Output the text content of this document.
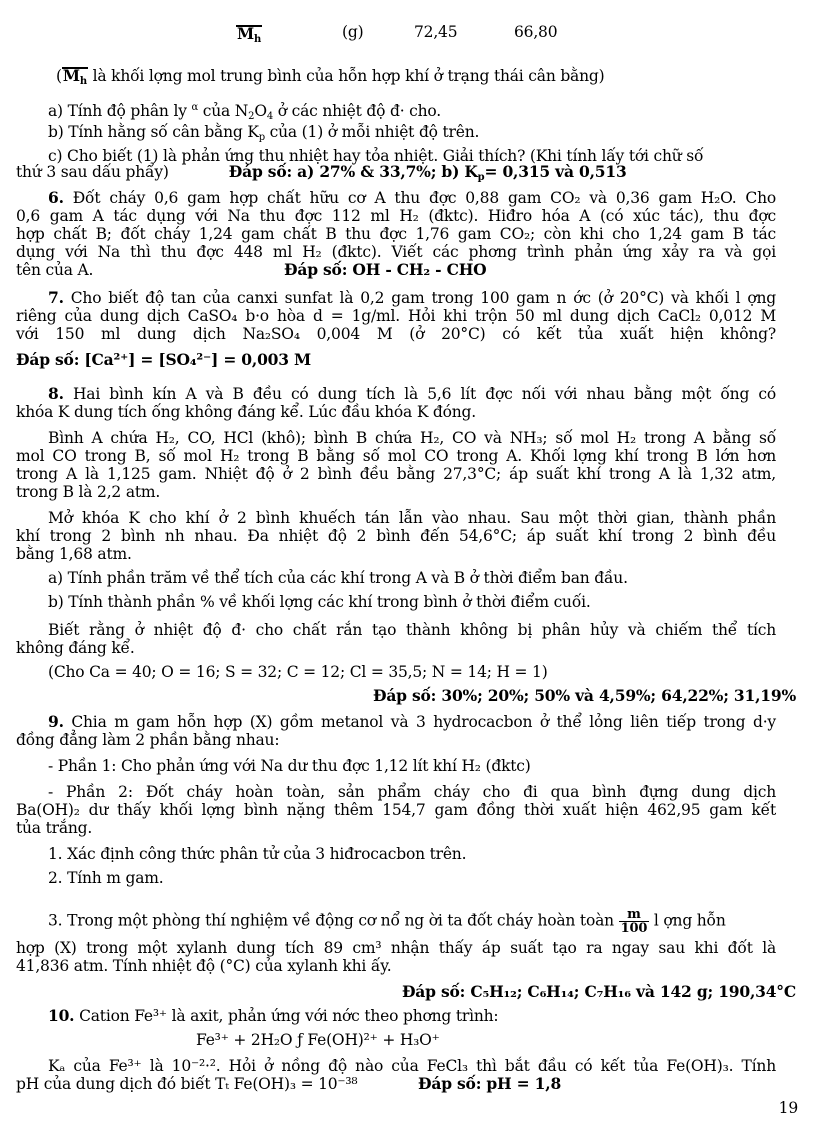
$M_h$	(g)	72,45	66,80
($M_h$ là khối lợng mol trung bình của hỗn hợp khí ở trạng thái cân bằng)
a) Tính độ phân ly $^\alpha$ của $N_2O_4$ ở các nhiệt độ đ· cho.
b) Tính hằng số cân bằng $K_p$ của (1) ở mỗi nhiệt độ trên.
c) Cho biết (1) là phản ứng thu nhiệt hay tỏa nhiệt. Giải thích? (Khi tính lấy tới chữ số
thứ 3 sau dấu phẩy)	Đáp số: a) 27% & 33,7%; b) $K_p= 0,315$ và 0,513
6. Đốt cháy 0,6 gam hợp chất hữu cơ A thu đợc 0,88 gam CO₂ và 0,36 gam H₂O. Cho
0,6 gam A tác dụng với Na thu đợc 112 ml H₂ (đktc). Hiđro hóa A (có xúc tác), thu đợc
hợp chất B; đốt cháy 1,24 gam chất B thu đợc 1,76 gam CO₂; còn khi cho 1,24 gam B tác
dụng với Na thì thu đợc 448 ml H₂ (đktc). Viết các phơng trình phản ứng xảy ra và gọi
tên của A.	Đáp số: OH - CH₂ - CHO
7. Cho biết độ tan của canxi sunfat là 0,2 gam trong 100 gam n ớc (ở 20°C) và khối l ợng
riêng của dung dịch CaSO₄ b·o hòa d = 1g/ml. Hỏi khi trộn 50 ml dung dịch CaCl₂ 0,012 M
với 150 ml dung dịch Na₂SO₄ 0,004 M (ở 20°C) có kết tủa xuất hiện không?
Đáp số: [Ca²⁺] = [SO₄²⁻] = 0,003 M
8. Hai bình kín A và B đều có dung tích là 5,6 lít đợc nối với nhau bằng một ống có
khóa K dung tích ống không đáng kể. Lúc đầu khóa K đóng.
Bình A chứa H₂, CO, HCl (khô); bình B chứa H₂, CO và NH₃; số mol H₂ trong A bằng số
mol CO trong B, số mol H₂ trong B bằng số mol CO trong A. Khối lợng khí trong B lớn hơn
trong A là 1,125 gam. Nhiệt độ ở 2 bình đều bằng 27,3°C; áp suất khí trong A là 1,32 atm,
trong B là 2,2 atm.
Mở khóa K cho khí ở 2 bình khuếch tán lẫn vào nhau. Sau một thời gian, thành phần
khí trong 2 bình nh nhau. Đa nhiệt độ 2 bình đến 54,6°C; áp suất khí trong 2 bình đều
bằng 1,68 atm.
a) Tính phần trăm về thể tích của các khí trong A và B ở thời điểm ban đầu.
b) Tính thành phần % về khối lợng các khí trong bình ở thời điểm cuối.
Biết rằng ở nhiệt độ đ· cho chất rắn tạo thành không bị phân hủy và chiếm thể tích
không đáng kể.
(Cho Ca = 40; O = 16; S = 32; C = 12; Cl = 35,5; N = 14; H = 1)
Đáp số: 30%; 20%; 50% và 4,59%; 64,22%; 31,19%
9. Chia m gam hỗn hợp (X) gồm metanol và 3 hydrocacbon ở thể lỏng liên tiếp trong d·y
đồng đẳng làm 2 phần bằng nhau:
- Phần 1: Cho phản ứng với Na dư thu đợc 1,12 lít khí H₂ (đktc)
- Phần 2: Đốt cháy hoàn toàn, sản phẩm cháy cho đi qua bình đựng dung dịch
Ba(OH)₂ dư thấy khối lợng bình nặng thêm 154,7 gam đồng thời xuất hiện 462,95 gam kết
tủa trắng.
1. Xác định công thức phân tử của 3 hiđrocacbon trên.
2. Tính m gam.
3. Trong một phòng thí nghiệm về động cơ nổ ng ời ta đốt cháy hoàn toàn $\frac{m}{100}$ l ợng hỗn
hợp (X) trong một xylanh dung tích 89 cm³ nhận thấy áp suất tạo ra ngay sau khi đốt là
41,836 atm. Tính nhiệt độ (°C) của xylanh khi ấy.
Đáp số: C₅H₁₂; C₆H₁₄; C₇H₁₆ và 142 g; 190,34°C
10. Cation Fe³⁺ là axit, phản ứng với nớc theo phơng trình:
Fe³⁺ + 2H₂O ƒ Fe(OH)²⁺ + H₃O⁺
Kₐ của Fe³⁺ là 10⁻²·². Hỏi ở nồng độ nào của FeCl₃ thì bắt đầu có kết tủa Fe(OH)₃. Tính
pH của dung dịch đó biết Tₜ Fe(OH)₃ = 10⁻³⁸	Đáp số: pH = 1,8
19
